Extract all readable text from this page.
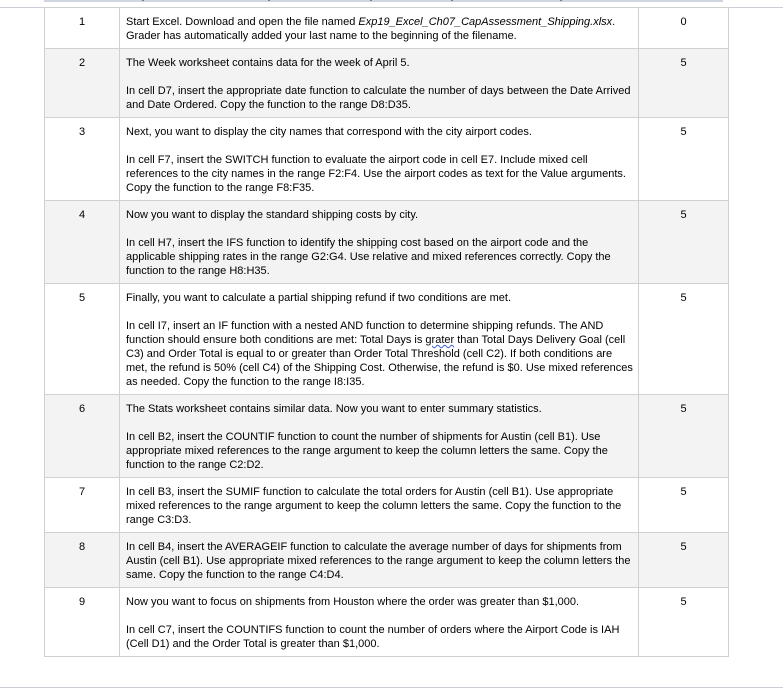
1	Start Excel. Download and open the file named Exp19_Excel_Ch07_CapAssessment_Shipping.xlsx. Grader has automatically added your last name to the beginning of the filename.	0
2	The Week worksheet contains data for the week of April 5.

In cell D7, insert the appropriate date function to calculate the number of days between the Date Arrived and Date Ordered. Copy the function to the range D8:D35.	5
3	Next, you want to display the city names that correspond with the city airport codes.

In cell F7, insert the SWITCH function to evaluate the airport code in cell E7. Include mixed cell references to the city names in the range F2:F4. Use the airport codes as text for the Value arguments. Copy the function to the range F8:F35.	5
4	Now you want to display the standard shipping costs by city.

In cell H7, insert the IFS function to identify the shipping cost based on the airport code and the applicable shipping rates in the range G2:G4. Use relative and mixed references correctly. Copy the function to the range H8:H35.	5
5	Finally, you want to calculate a partial shipping refund if two conditions are met.

In cell I7, insert an IF function with a nested AND function to determine shipping refunds. The AND function should ensure both conditions are met: Total Days is grater than Total Days Delivery Goal (cell C3) and Order Total is equal to or greater than Order Total Threshold (cell C2). If both conditions are met, the refund is 50% (cell C4) of the Shipping Cost. Otherwise, the refund is $0. Use mixed references as needed. Copy the function to the range I8:I35.	5
6	The Stats worksheet contains similar data. Now you want to enter summary statistics.

In cell B2, insert the COUNTIF function to count the number of shipments for Austin (cell B1). Use appropriate mixed references to the range argument to keep the column letters the same. Copy the function to the range C2:D2.	5
7	In cell B3, insert the SUMIF function to calculate the total orders for Austin (cell B1). Use appropriate mixed references to the range argument to keep the column letters the same. Copy the function to the range C3:D3.	5
8	In cell B4, insert the AVERAGEIF function to calculate the average number of days for shipments from Austin (cell B1). Use appropriate mixed references to the range argument to keep the column letters the same. Copy the function to the range C4:D4.	5
9	Now you want to focus on shipments from Houston where the order was greater than $1,000.

In cell C7, insert the COUNTIFS function to count the number of orders where the Airport Code is IAH (Cell D1) and the Order Total is greater than $1,000.	5
